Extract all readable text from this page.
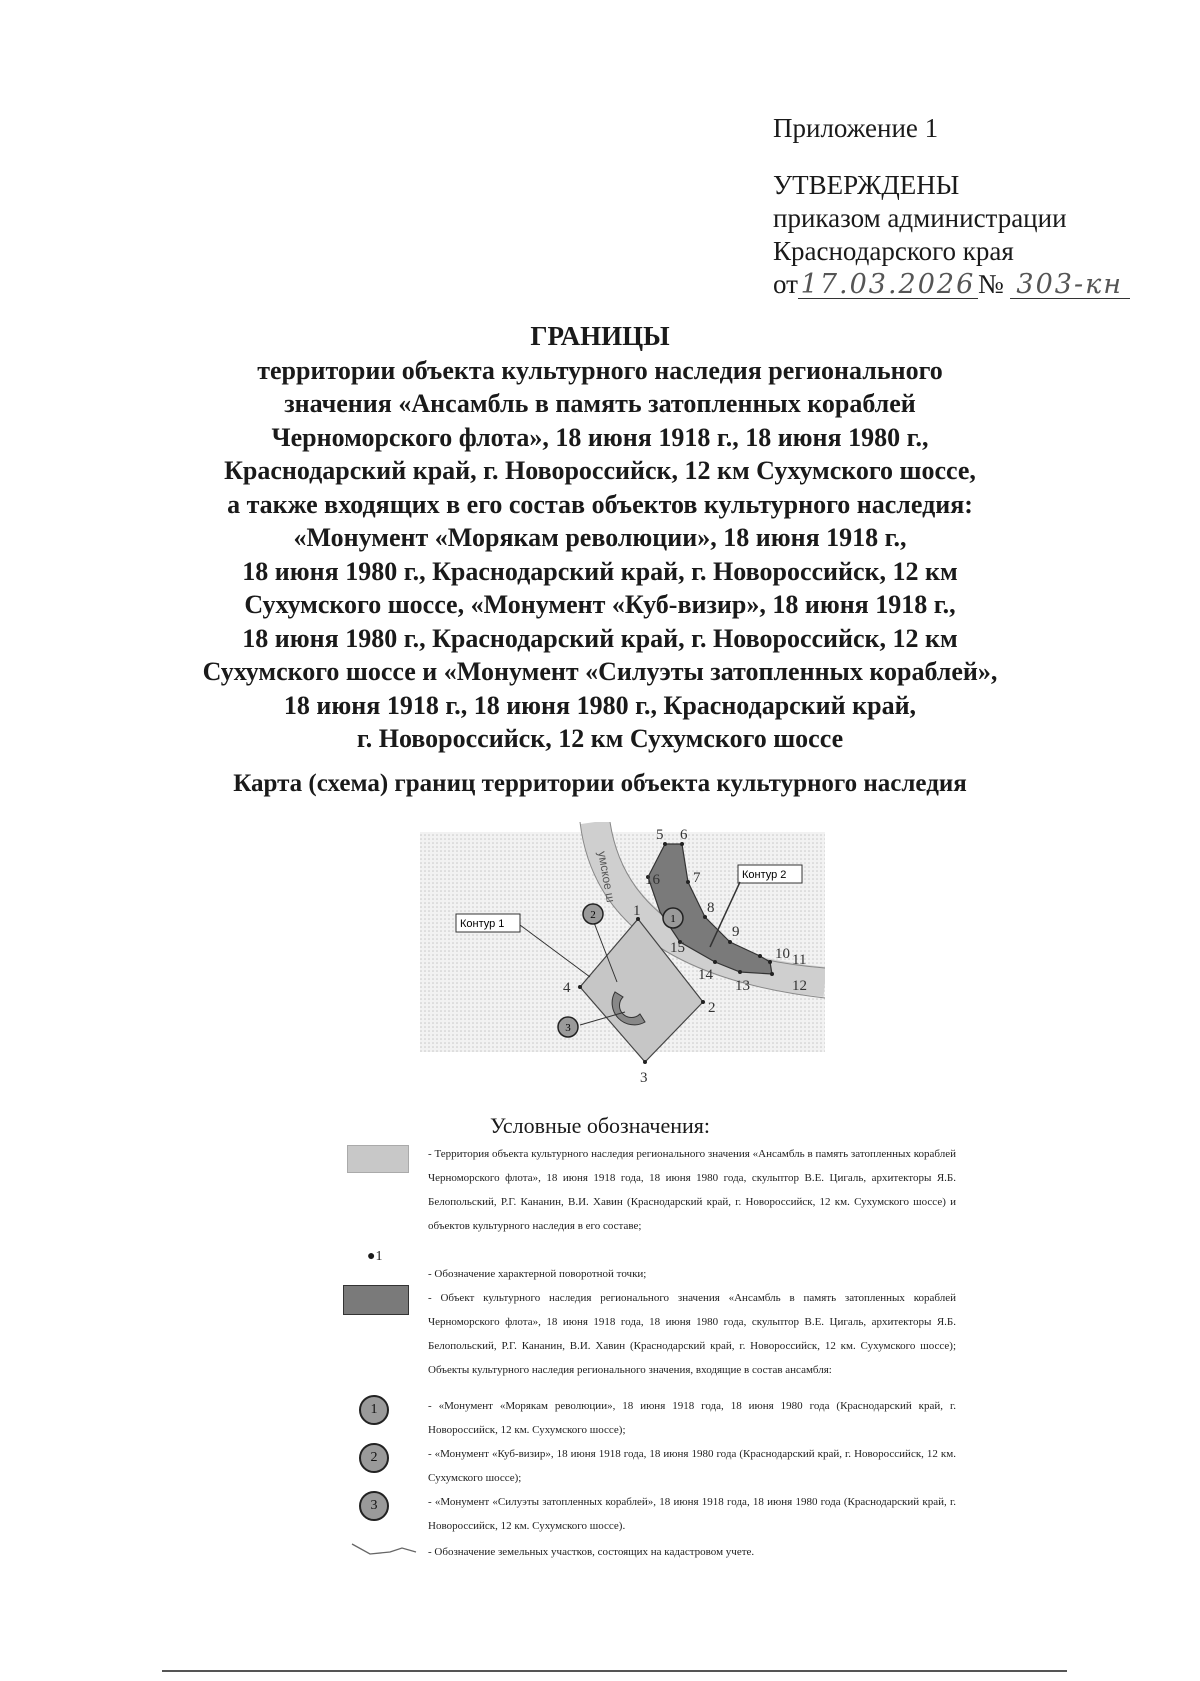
Приложение 1
УТВЕРЖДЕНЫ
приказом администрации
Краснодарского края
от 17.03.2026 № 303-кн
ГРАНИЦЫ
территории объекта культурного наследия регионального
значения «Ансамбль в память затопленных кораблей
Черноморского флота», 18 июня 1918 г., 18 июня 1980 г.,
Краснодарский край, г. Новороссийск, 12 км Сухумского шоссе,
а также входящих в его состав объектов культурного наследия:
«Монумент «Морякам революции», 18 июня 1918 г.,
18 июня 1980 г., Краснодарский край, г. Новороссийск, 12 км
Сухумского шоссе, «Монумент «Куб-визир», 18 июня 1918 г.,
18 июня 1980 г., Краснодарский край, г. Новороссийск, 12 км
Сухумского шоссе и «Монумент «Силуэты затопленных кораблей»,
18 июня 1918 г., 18 июня 1980 г., Краснодарский край,
г. Новороссийск, 12 км Сухумского шоссе
Карта (схема) границ территории объекта культурного наследия
умское ш
Контур 1
Контур 2
2
3
1
1
2
3
4
5 6
7
8
9
10 11
12
13
14
15
16
Условные обозначения:
- Территория объекта культурного наследия регионального значения «Ансамбль в память затопленных кораблей Черноморского флота», 18 июня 1918 года, 18 июня 1980 года, скульптор В.Е. Цигаль, архитекторы Я.Б. Белопольский, Р.Г. Кананин, В.И. Хавин (Краснодарский край, г. Новороссийск, 12 км. Сухумского шоссе) и объектов культурного наследия в его составе;
●1
- Обозначение характерной поворотной точки;
- Объект культурного наследия регионального значения «Ансамбль в память затопленных кораблей Черноморского флота», 18 июня 1918 года, 18 июня 1980 года, скульптор В.Е. Цигаль, архитекторы Я.Б. Белопольский, Р.Г. Кананин, В.И. Хавин (Краснодарский край, г. Новороссийск, 12 км. Сухумского шоссе); Объекты культурного наследия регионального значения, входящие в состав ансамбля:
1	- «Монумент «Морякам революции», 18 июня 1918 года, 18 июня 1980 года (Краснодарский край, г. Новороссийск, 12 км. Сухумского шоссе);
2	- «Монумент «Куб-визир», 18 июня 1918 года, 18 июня 1980 года (Краснодарский край, г. Новороссийск, 12 км. Сухумского шоссе);
3	- «Монумент «Силуэты затопленных кораблей», 18 июня 1918 года, 18 июня 1980 года (Краснодарский край, г. Новороссийск, 12 км. Сухумского шоссе).
- Обозначение земельных участков, состоящих на кадастровом учете.
